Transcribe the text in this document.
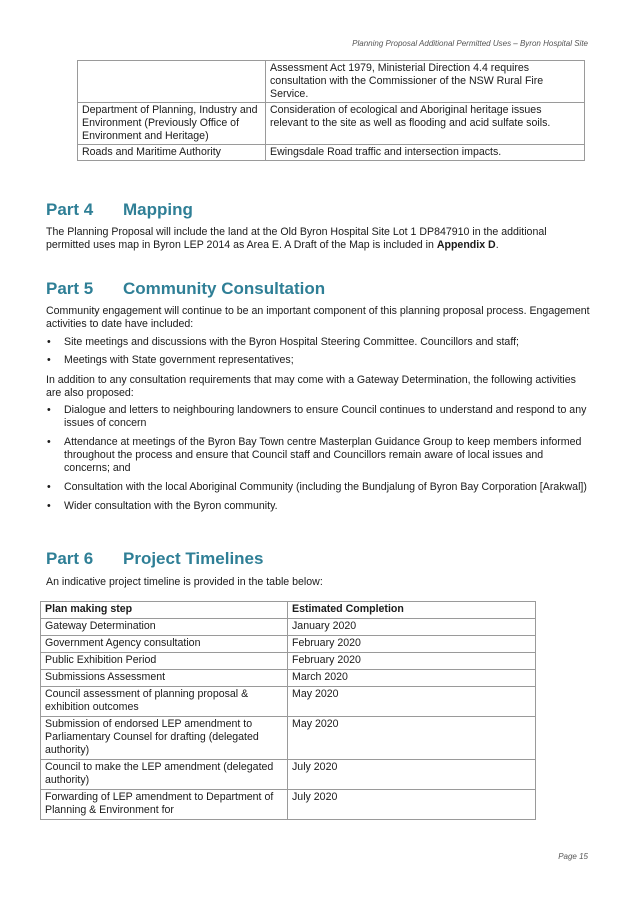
Planning Proposal Additional Permitted Uses – Byron Hospital Site
	Assessment Act 1979, Ministerial Direction 4.4 requires consultation with the Commissioner of the NSW Rural Fire Service.
Department of Planning, Industry and Environment (Previously Office of Environment and Heritage)	Consideration of ecological and Aboriginal heritage issues relevant to the site as well as flooding and acid sulfate soils.
Roads and Maritime Authority	Ewingsdale Road traffic and intersection impacts.
Part 4 Mapping
The Planning Proposal will include the land at the Old Byron Hospital Site Lot 1 DP847910 in the additional permitted uses map in Byron LEP 2014 as Area E. A Draft of the Map is included in Appendix D.
Part 5 Community Consultation
Community engagement will continue to be an important component of this planning proposal process. Engagement activities to date have included:
• Site meetings and discussions with the Byron Hospital Steering Committee. Councillors and staff;
• Meetings with State government representatives;
In addition to any consultation requirements that may come with a Gateway Determination, the following activities are also proposed:
• Dialogue and letters to neighbouring landowners to ensure Council continues to understand and respond to any issues of concern
• Attendance at meetings of the Byron Bay Town centre Masterplan Guidance Group to keep members informed throughout the process and ensure that Council staff and Councillors remain aware of local issues and concerns; and
• Consultation with the local Aboriginal Community (including the Bundjalung of Byron Bay Corporation [Arakwal])
• Wider consultation with the Byron community.
Part 6 Project Timelines
An indicative project timeline is provided in the table below:
Plan making step	Estimated Completion
Gateway Determination	January 2020
Government Agency consultation	February 2020
Public Exhibition Period	February 2020
Submissions Assessment	March 2020
Council assessment of planning proposal & exhibition outcomes	May 2020
Submission of endorsed LEP amendment to Parliamentary Counsel for drafting (delegated authority)	May 2020
Council to make the LEP amendment (delegated authority)	July 2020
Forwarding of LEP amendment to Department of Planning & Environment for	July 2020
Page 15
